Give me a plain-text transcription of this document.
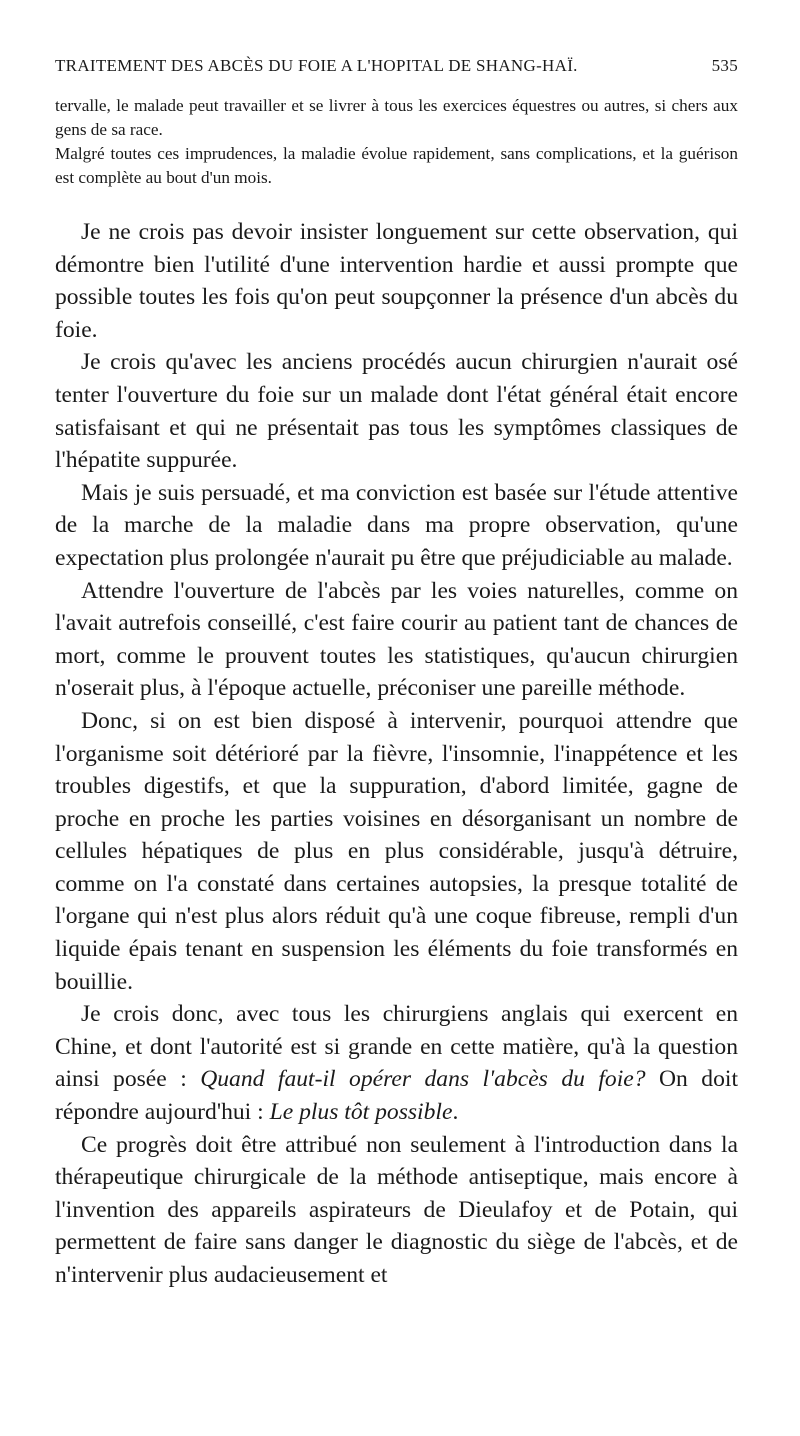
TRAITEMENT DES ABCÈS DU FOIE A L'HOPITAL DE SHANG-HAÏ.	535

tervalle, le malade peut travailler et se livrer à tous les exercices équestres ou autres, si chers aux gens de sa race.

Malgré toutes ces imprudences, la maladie évolue rapidement, sans complications, et la guérison est complète au bout d'un mois.

Je ne crois pas devoir insister longuement sur cette observation, qui démontre bien l'utilité d'une intervention hardie et aussi prompte que possible toutes les fois qu'on peut soupçonner la présence d'un abcès du foie.

Je crois qu'avec les anciens procédés aucun chirurgien n'aurait osé tenter l'ouverture du foie sur un malade dont l'état général était encore satisfaisant et qui ne présentait pas tous les symptômes classiques de l'hépatite suppurée.

Mais je suis persuadé, et ma conviction est basée sur l'étude attentive de la marche de la maladie dans ma propre observation, qu'une expectation plus prolongée n'aurait pu être que préjudiciable au malade.

Attendre l'ouverture de l'abcès par les voies naturelles, comme on l'avait autrefois conseillé, c'est faire courir au patient tant de chances de mort, comme le prouvent toutes les statistiques, qu'aucun chirurgien n'oserait plus, à l'époque actuelle, préconiser une pareille méthode.

Donc, si on est bien disposé à intervenir, pourquoi attendre que l'organisme soit détérioré par la fièvre, l'insomnie, l'inappétence et les troubles digestifs, et que la suppuration, d'abord limitée, gagne de proche en proche les parties voisines en désorganisant un nombre de cellules hépatiques de plus en plus considérable, jusqu'à détruire, comme on l'a constaté dans certaines autopsies, la presque totalité de l'organe qui n'est plus alors réduit qu'à une coque fibreuse, rempli d'un liquide épais tenant en suspension les éléments du foie transformés en bouillie.

Je crois donc, avec tous les chirurgiens anglais qui exercent en Chine, et dont l'autorité est si grande en cette matière, qu'à la question ainsi posée : Quand faut-il opérer dans l'abcès du foie? On doit répondre aujourd'hui : Le plus tôt possible.

Ce progrès doit être attribué non seulement à l'introduction dans la thérapeutique chirurgicale de la méthode antiseptique, mais encore à l'invention des appareils aspirateurs de Dieulafoy et de Potain, qui permettent de faire sans danger le diagnostic du siège de l'abcès, et de n'intervenir plus audacieusement et
